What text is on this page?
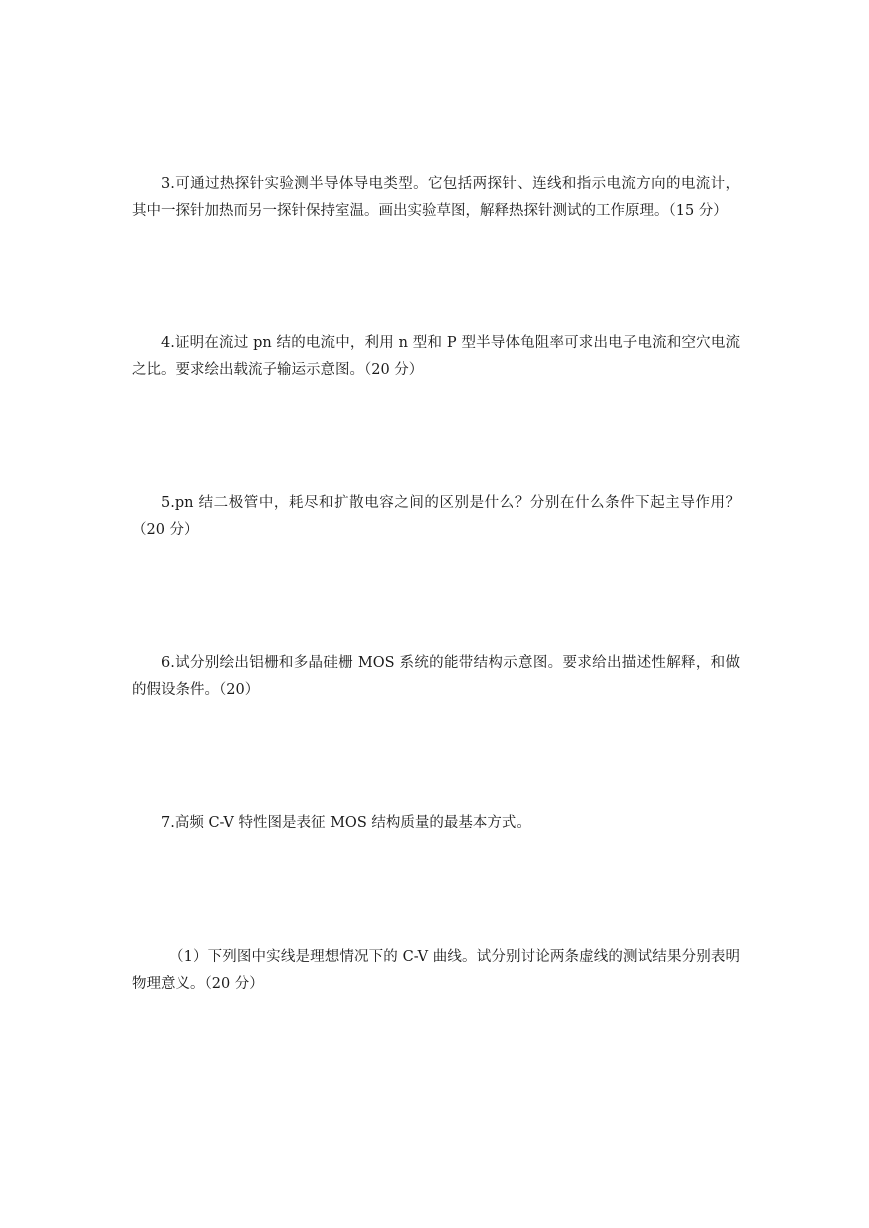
3.可通过热探针实验测半导体导电类型。它包括两探针、连线和指示电流方向的电流计，其中一探针加热而另一探针保持室温。画出实验草图，解释热探针测试的工作原理。（15 分）

4.证明在流过 pn 结的电流中，利用 n 型和 P 型半导体龟阻率可求出电子电流和空穴电流之比。要求绘出载流子输运示意图。（20 分）

5.pn 结二极管中，耗尽和扩散电容之间的区别是什么？分别在什么条件下起主导作用？（20 分）

6.试分别绘出铝栅和多晶硅栅 MOS 系统的能带结构示意图。要求给出描述性解释，和做的假设条件。（20）

7.高频 C-V 特性图是表征 MOS 结构质量的最基本方式。

（1）下列图中实线是理想情况下的 C-V 曲线。试分别讨论两条虚线的测试结果分别表明物理意义。（20 分）
